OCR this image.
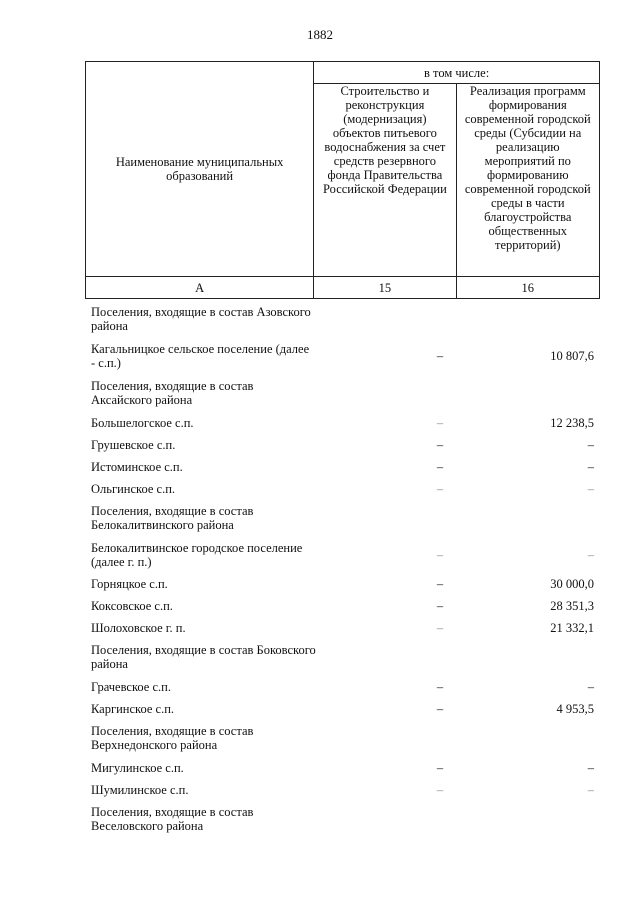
1882
Наименование муниципальных образований	в том числе:	
	Строительство и реконструкция (модернизация) объектов питьевого водоснабжения за счет средств резервного фонда Правительства Российской Федерации	Реализация программ формирования современной городской среды (Субсидии на реализацию мероприятий по формированию современной городской среды в части благоустройства общественных территорий)
А	15	16
Поселения, входящие в состав Азовского района
Кагальницкое сельское поселение (далее - с.п.)	–	10 807,6
Поселения, входящие в состав Аксайского района
Большелогское с.п.	–	12 238,5
Грушевское с.п.	–	–
Истоминское с.п.	–	–
Ольгинское с.п.	–	–
Поселения, входящие в состав Белокалитвинского района
Белокалитвинское городское поселение (далее г. п.)	–	–
Горняцкое с.п.	–	30 000,0
Коксовское с.п.	–	28 351,3
Шолоховское г. п.	–	21 332,1
Поселения, входящие в состав Боковского района
Грачевское с.п.	–	–
Каргинское с.п.	–	4 953,5
Поселения, входящие в состав Верхнедонского района
Мигулинское с.п.	–	–
Шумилинское с.п.	–	–
Поселения, входящие в состав Веселовского района
